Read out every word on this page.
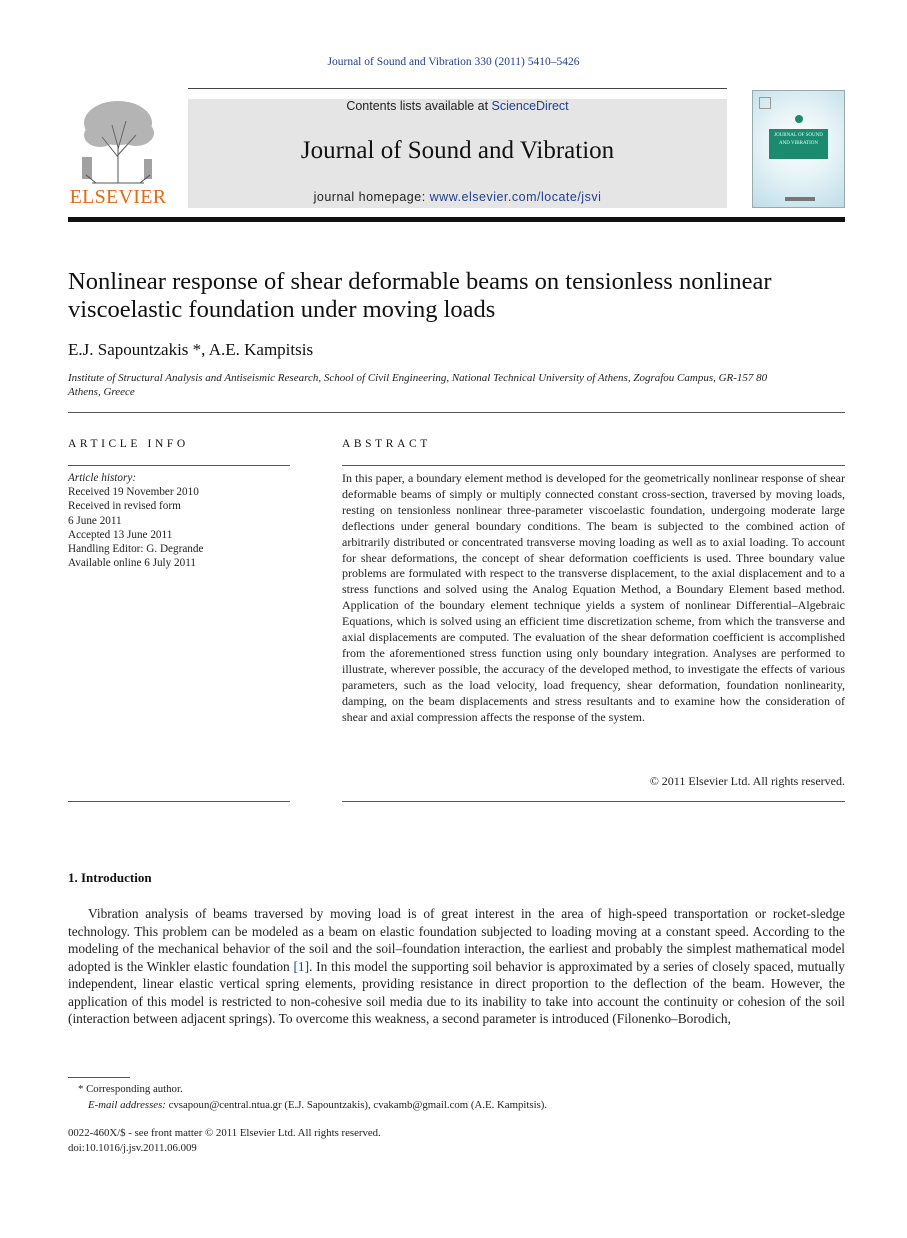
Journal of Sound and Vibration 330 (2011) 5410–5426
ELSEVIER
Contents lists available at ScienceDirect
Journal of Sound and Vibration
journal homepage: www.elsevier.com/locate/jsvi
JOURNAL OF SOUND AND VIBRATION
Nonlinear response of shear deformable beams on tensionless nonlinear viscoelastic foundation under moving loads
E.J. Sapountzakis *, A.E. Kampitsis
Institute of Structural Analysis and Antiseismic Research, School of Civil Engineering, National Technical University of Athens, Zografou Campus, GR-157 80 Athens, Greece
ARTICLE INFO	ABSTRACT
Article history:
Received 19 November 2010
Received in revised form
6 June 2011
Accepted 13 June 2011
Handling Editor: G. Degrande
Available online 6 July 2011
In this paper, a boundary element method is developed for the geometrically nonlinear response of shear deformable beams of simply or multiply connected constant cross-section, traversed by moving loads, resting on tensionless nonlinear three-parameter viscoelastic foundation, undergoing moderate large deflections under general boundary conditions. The beam is subjected to the combined action of arbitrarily distributed or concentrated transverse moving loading as well as to axial loading. To account for shear deformations, the concept of shear deformation coefficients is used. Three boundary value problems are formulated with respect to the transverse displacement, to the axial displacement and to a stress functions and solved using the Analog Equation Method, a Boundary Element based method. Application of the boundary element technique yields a system of nonlinear Differential–Algebraic Equations, which is solved using an efficient time discretization scheme, from which the transverse and axial displacements are computed. The evaluation of the shear deformation coefficient is accomplished from the aforementioned stress function using only boundary integration. Analyses are performed to illustrate, wherever possible, the accuracy of the developed method, to investigate the effects of various parameters, such as the load velocity, load frequency, shear deformation, foundation nonlinearity, damping, on the beam displacements and stress resultants and to examine how the consideration of shear and axial compression affects the response of the system.
© 2011 Elsevier Ltd. All rights reserved.
1. Introduction
Vibration analysis of beams traversed by moving load is of great interest in the area of high-speed transportation or rocket-sledge technology. This problem can be modeled as a beam on elastic foundation subjected to loading moving at a constant speed. According to the modeling of the mechanical behavior of the soil and the soil–foundation interaction, the earliest and probably the simplest mathematical model adopted is the Winkler elastic foundation [1]. In this model the supporting soil behavior is approximated by a series of closely spaced, mutually independent, linear elastic vertical spring elements, providing resistance in direct proportion to the deflection of the beam. However, the application of this model is restricted to non-cohesive soil media due to its inability to take into account the continuity or cohesion of the soil (interaction between adjacent springs). To overcome this weakness, a second parameter is introduced (Filonenko–Borodich,
* Corresponding author.
E-mail addresses: cvsapoun@central.ntua.gr (E.J. Sapountzakis), cvakamb@gmail.com (A.E. Kampitsis).
0022-460X/$ - see front matter © 2011 Elsevier Ltd. All rights reserved.
doi:10.1016/j.jsv.2011.06.009
